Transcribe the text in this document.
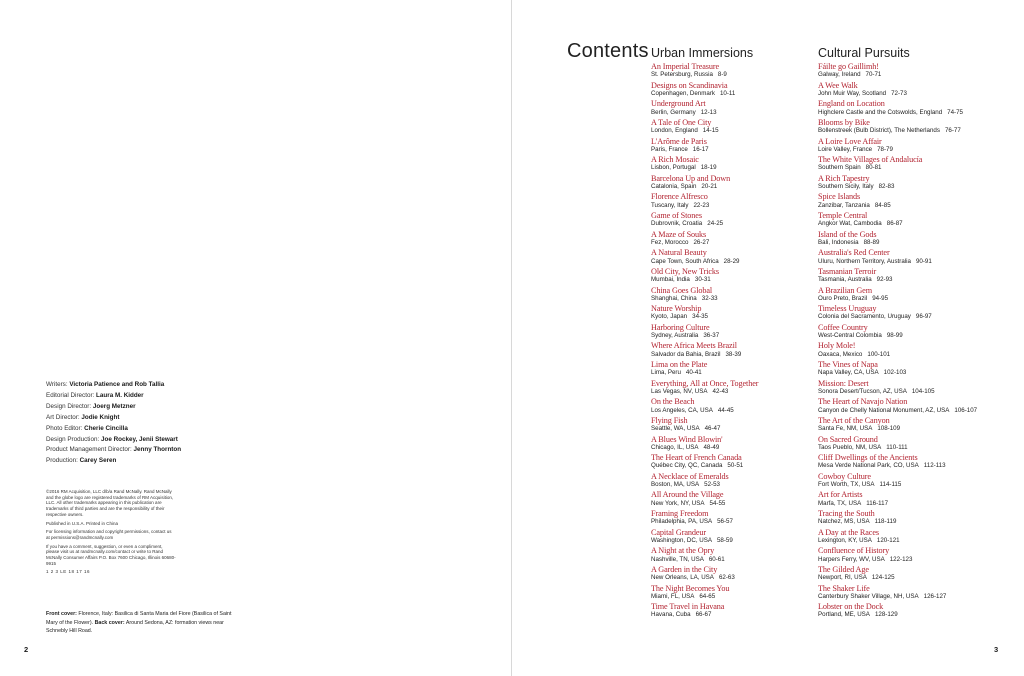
Writers: Victoria Patience and Rob Tallia
Editorial Director: Laura M. Kidder
Design Director: Joerg Metzner
Art Director: Jodie Knight
Photo Editor: Cherie Cincilla
Design Production: Joe Rockey, Jenii Stewart
Product Management Director: Jenny Thornton
Production: Carey Seren

©2016 RM Acquisition, LLC d/b/a Rand McNally. Rand McNally and the globe logo are registered trademarks of RM Acquisition, LLC. All other trademarks appearing in this publication are trademarks of third parties and are the responsibility of their respective owners.

Published in U.S.A. Printed in China

For licensing information and copyright permissions, contact us at permissions@randmcnally.com

If you have a comment, suggestion, or even a compliment, please visit us at randmcnally.com/contact or write to Rand McNally Consumer Affairs P.O. Box 7600 Chicago, Illinois 60680-9915

1 2 3 LE 18 17 16

Front cover: Florence, Italy: Basilica di Santa Maria del Fiore (Basilica of Saint Mary of the Flower). Back cover: Around Sedona, AZ: formation views near Schnebly Hill Road.
2
Contents Urban Immersions
An Imperial Treasure
St. Petersburg, Russia 8-9
Designs on Scandinavia
Copenhagen, Denmark 10-11
Underground Art
Berlin, Germany 12-13
A Tale of One City
London, England 14-15
L'Arôme de Paris
Paris, France 16-17
A Rich Mosaic
Lisbon, Portugal 18-19
Barcelona Up and Down
Catalonia, Spain 20-21
Florence Alfresco
Tuscany, Italy 22-23
Game of Stones
Dubrovnik, Croatia 24-25
A Maze of Souks
Fez, Morocco 26-27
A Natural Beauty
Cape Town, South Africa 28-29
Old City, New Tricks
Mumbai, India 30-31
China Goes Global
Shanghai, China 32-33
Nature Worship
Kyoto, Japan 34-35
Harboring Culture
Sydney, Australia 36-37
Where Africa Meets Brazil
Salvador da Bahia, Brazil 38-39
Lima on the Plate
Lima, Peru 40-41
Everything, All at Once, Together
Las Vegas, NV, USA 42-43
On the Beach
Los Angeles, CA, USA 44-45
Flying Fish
Seattle, WA, USA 46-47
A Blues Wind Blowin'
Chicago, IL, USA 48-49
The Heart of French Canada
Québec City, QC, Canada 50-51
A Necklace of Emeralds
Boston, MA, USA 52-53
All Around the Village
New York, NY, USA 54-55
Framing Freedom
Philadelphia, PA, USA 56-57
Capital Grandeur
Washington, DC, USA 58-59
A Night at the Opry
Nashville, TN, USA 60-61
A Garden in the City
New Orleans, LA, USA 62-63
The Night Becomes You
Miami, FL, USA 64-65
Time Travel in Havana
Havana, Cuba 66-67
Cultural Pursuits
Fáilte go Gaillimh!
Galway, Ireland 70-71
A Wee Walk
John Muir Way, Scotland 72-73
England on Location
Highclere Castle and the Cotswolds, England 74-75
Blooms by Bike
Bollenstreek (Bulb District), The Netherlands 76-77
A Loire Love Affair
Loire Valley, France 78-79
The White Villages of Andalucía
Southern Spain 80-81
A Rich Tapestry
Southern Sicily, Italy 82-83
Spice Islands
Zanzibar, Tanzania 84-85
Temple Central
Angkor Wat, Cambodia 86-87
Island of the Gods
Bali, Indonesia 88-89
Australia's Red Center
Uluru, Northern Territory, Australia 90-91
Tasmanian Terroir
Tasmania, Australia 92-93
A Brazilian Gem
Ouro Preto, Brazil 94-95
Timeless Uruguay
Colonia del Sacramento, Uruguay 96-97
Coffee Country
West-Central Colombia 98-99
Holy Mole!
Oaxaca, Mexico 100-101
The Vines of Napa
Napa Valley, CA, USA 102-103
Mission: Desert
Sonora Desert/Tucson, AZ, USA 104-105
The Heart of Navajo Nation
Canyon de Chelly National Monument, AZ, USA 106-107
The Art of the Canyon
Santa Fe, NM, USA 108-109
On Sacred Ground
Taos Pueblo, NM, USA 110-111
Cliff Dwellings of the Ancients
Mesa Verde National Park, CO, USA 112-113
Cowboy Culture
Fort Worth, TX, USA 114-115
Art for Artists
Marfa, TX, USA 116-117
Tracing the South
Natchez, MS, USA 118-119
A Day at the Races
Lexington, KY, USA 120-121
Confluence of History
Harpers Ferry, WV, USA 122-123
The Gilded Age
Newport, RI, USA 124-125
The Shaker Life
Canterbury Shaker Village, NH, USA 126-127
Lobster on the Dock
Portland, ME, USA 128-129
3
